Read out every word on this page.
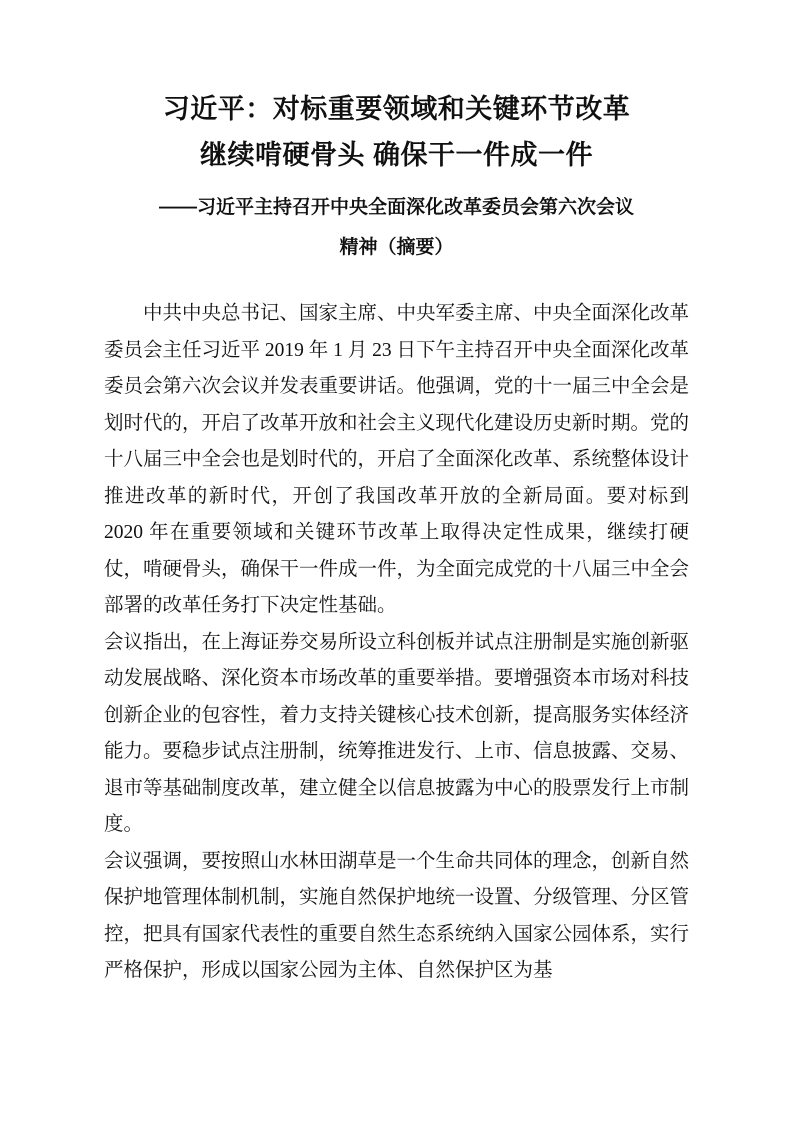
习近平：对标重要领域和关键环节改革
继续啃硬骨头 确保干一件成一件
——习近平主持召开中央全面深化改革委员会第六次会议
精神（摘要）

中共中央总书记、国家主席、中央军委主席、中央全面深化改革委员会主任习近平 2019 年 1 月 23 日下午主持召开中央全面深化改革委员会第六次会议并发表重要讲话。他强调，党的十一届三中全会是划时代的，开启了改革开放和社会主义现代化建设历史新时期。党的十八届三中全会也是划时代的，开启了全面深化改革、系统整体设计推进改革的新时代，开创了我国改革开放的全新局面。要对标到 2020 年在重要领域和关键环节改革上取得决定性成果，继续打硬仗，啃硬骨头，确保干一件成一件，为全面完成党的十八届三中全会部署的改革任务打下决定性基础。

会议指出，在上海证券交易所设立科创板并试点注册制是实施创新驱动发展战略、深化资本市场改革的重要举措。要增强资本市场对科技创新企业的包容性，着力支持关键核心技术创新，提高服务实体经济能力。要稳步试点注册制，统筹推进发行、上市、信息披露、交易、退市等基础制度改革，建立健全以信息披露为中心的股票发行上市制度。

会议强调，要按照山水林田湖草是一个生命共同体的理念，创新自然保护地管理体制机制，实施自然保护地统一设置、分级管理、分区管控，把具有国家代表性的重要自然生态系统纳入国家公园体系，实行严格保护，形成以国家公园为主体、自然保护区为基
